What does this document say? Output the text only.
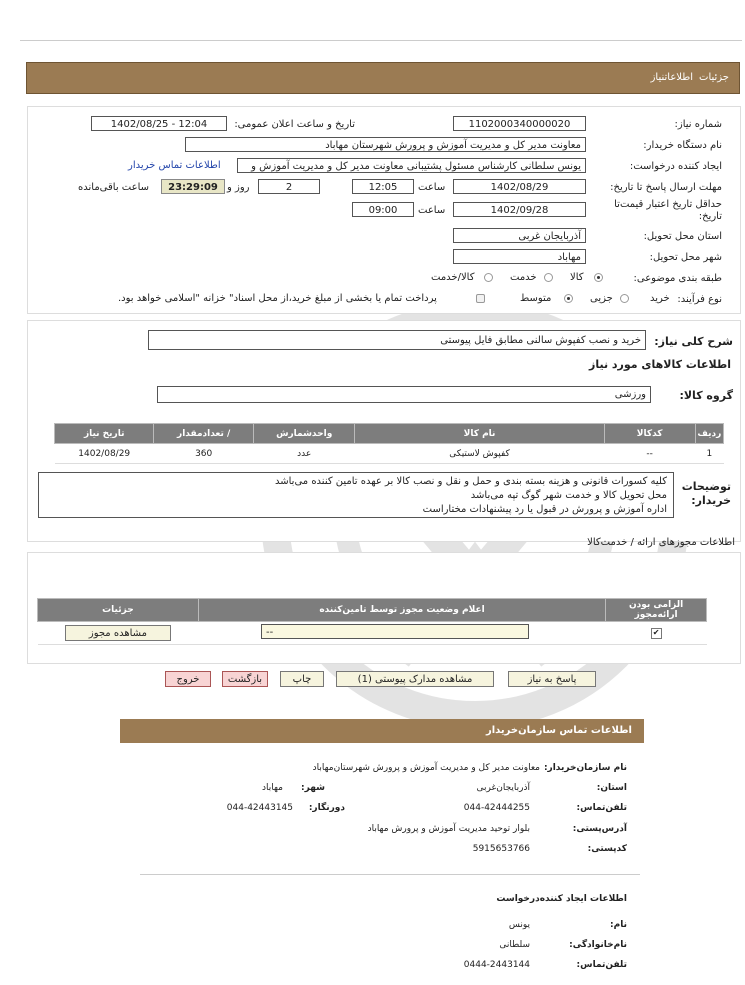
جزئیات
اطلاعاتنیاز
شماره نیاز:
1102000340000020
تاریخ و ساعت اعلان عمومی:
1402/08/25 - 12:04
نام دستگاه خریدار:
معاونت مدیر کل و مدیریت آموزش و پرورش شهرستان مهاباد
ایجاد کننده درخواست:
یونس سلطانی کارشناس مسئول پشتیبانی معاونت مدیر کل و مدیریت آموزش و
اطلاعات تماس خریدار
مهلت ارسال پاسخ تا تاریخ:
1402/08/29
ساعت
12:05
2
روز و
23:29:09
ساعت باقی‌مانده
حداقل تاریخ اعتبار قیمت‌تا
تاریخ:
1402/09/28
ساعت
09:00
استان محل تحویل:
آذربایجان غربی
شهر محل تحویل:
مهاباد
طبقه بندی موضوعی:
کالا
خدمت
کالا/خدمت
نوع فرآیند:
خرید
جزیی
متوسط
پرداخت تمام یا بخشی از مبلغ خرید،از محل اسناد" خزانه "اسلامی خواهد بود.
شرح کلی نیاز:
خرید و نصب کفپوش سالنی مطابق فایل پیوستی
اطلاعات کالاهای مورد نیاز
گروه کالا:
ورزشی
تاریخ نیاز	تعدادمقدار /	واحدشمارش	نام کالا	کدکالا	ردیف
1402/08/29	360	عدد	کفپوش لاستیکی	--	1
توضیحات
خریدار:
کلیه کسورات قانونی و هزینه بسته بندی و حمل و نقل و نصب کالا بر عهده تامین کننده می‌باشد
محل تحویل کالا و خدمت شهر گوگ تپه می‌باشد
اداره آموزش و پرورش در قبول یا رد پیشنهادات مختاراست
اطلاعات مجوزهای ارائه / خدمت‌کالا
جزئیات	اعلام وضعیت مجوز توسط تامین‌کننده	الزامی بودن ارائه‌مجوز
مشاهده مجوز	--	✔
پاسخ به نیاز
مشاهده مدارک پیوستی (1)
چاپ
بازگشت
خروج
اطلاعات تماس سازمان‌خریدار
نام سازمان‌خریدار:
معاونت مدیر کل و مدیریت آموزش و پرورش شهرستان‌مهاباد
استان:
آذربایجان‌غربی
شهر:
مهاباد
تلفن‌تماس:
044-42444255
دورنگار:
044-42443145
آدرس‌پستی:
بلوار توحید مدیریت آموزش و پرورش مهاباد
کدپستی:
5915653766
اطلاعات ایجاد کننده‌درخواست
نام:
یونس
نام‌خانوادگی:
سلطانی
تلفن‌تماس:
0444-2443144
